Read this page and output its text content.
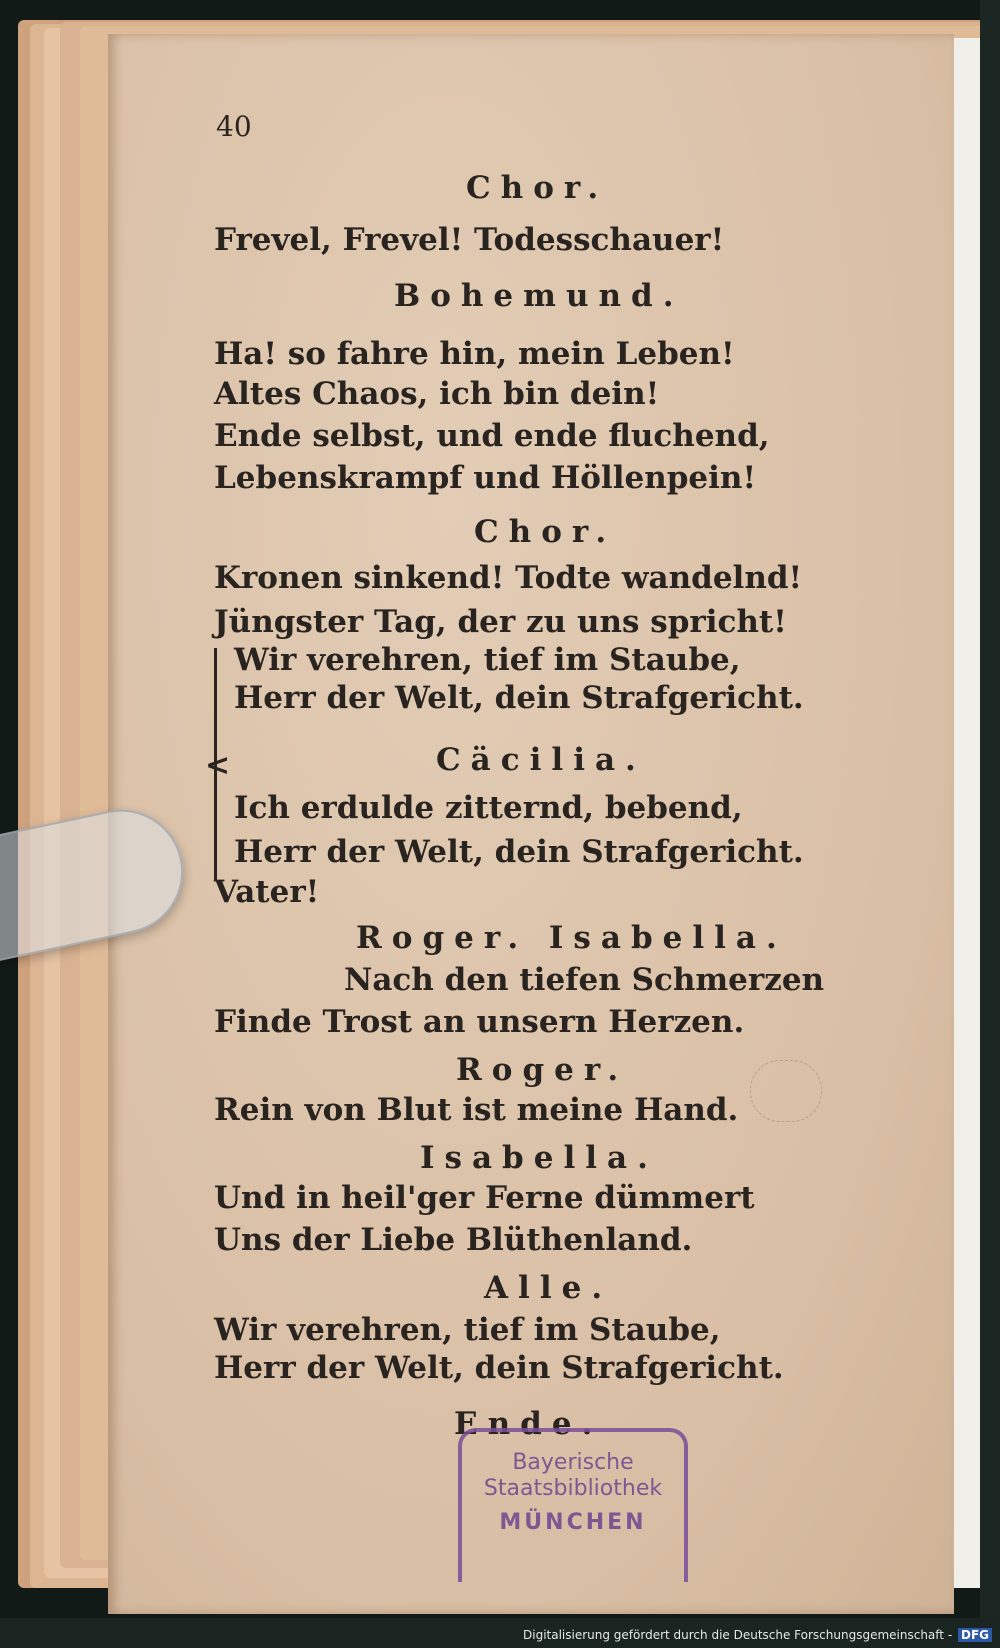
40
Chor.
Frevel, Frevel! Todesschauer!
Bohemund.
Ha! so fahre hin, mein Leben!
Altes Chaos, ich bin dein!
Ende selbst, und ende fluchend,
Lebenskrampf und Höllenpein!
Chor.
Kronen sinkend! Todte wandelnd!
Jüngster Tag, der zu uns spricht!
Wir verehren, tief im Staube,
Herr der Welt, dein Strafgericht.
<	Cäcilia.
Ich erdulde zitternd, bebend,
Herr der Welt, dein Strafgericht.
Vater!
Roger. Isabella.
Nach den tiefen Schmerzen
Finde Trost an unsern Herzen.
Roger.
Rein von Blut ist meine Hand.
Isabella.
Und in heil'ger Ferne dümmert
Uns der Liebe Blüthenland.
Alle.
Wir verehren, tief im Staube,
Herr der Welt, dein Strafgericht.
Ende.
Bayerische
Staatsbibliothek
MÜNCHEN
Digitalisierung gefördert durch die Deutsche Forschungsgemeinschaft - DFG
